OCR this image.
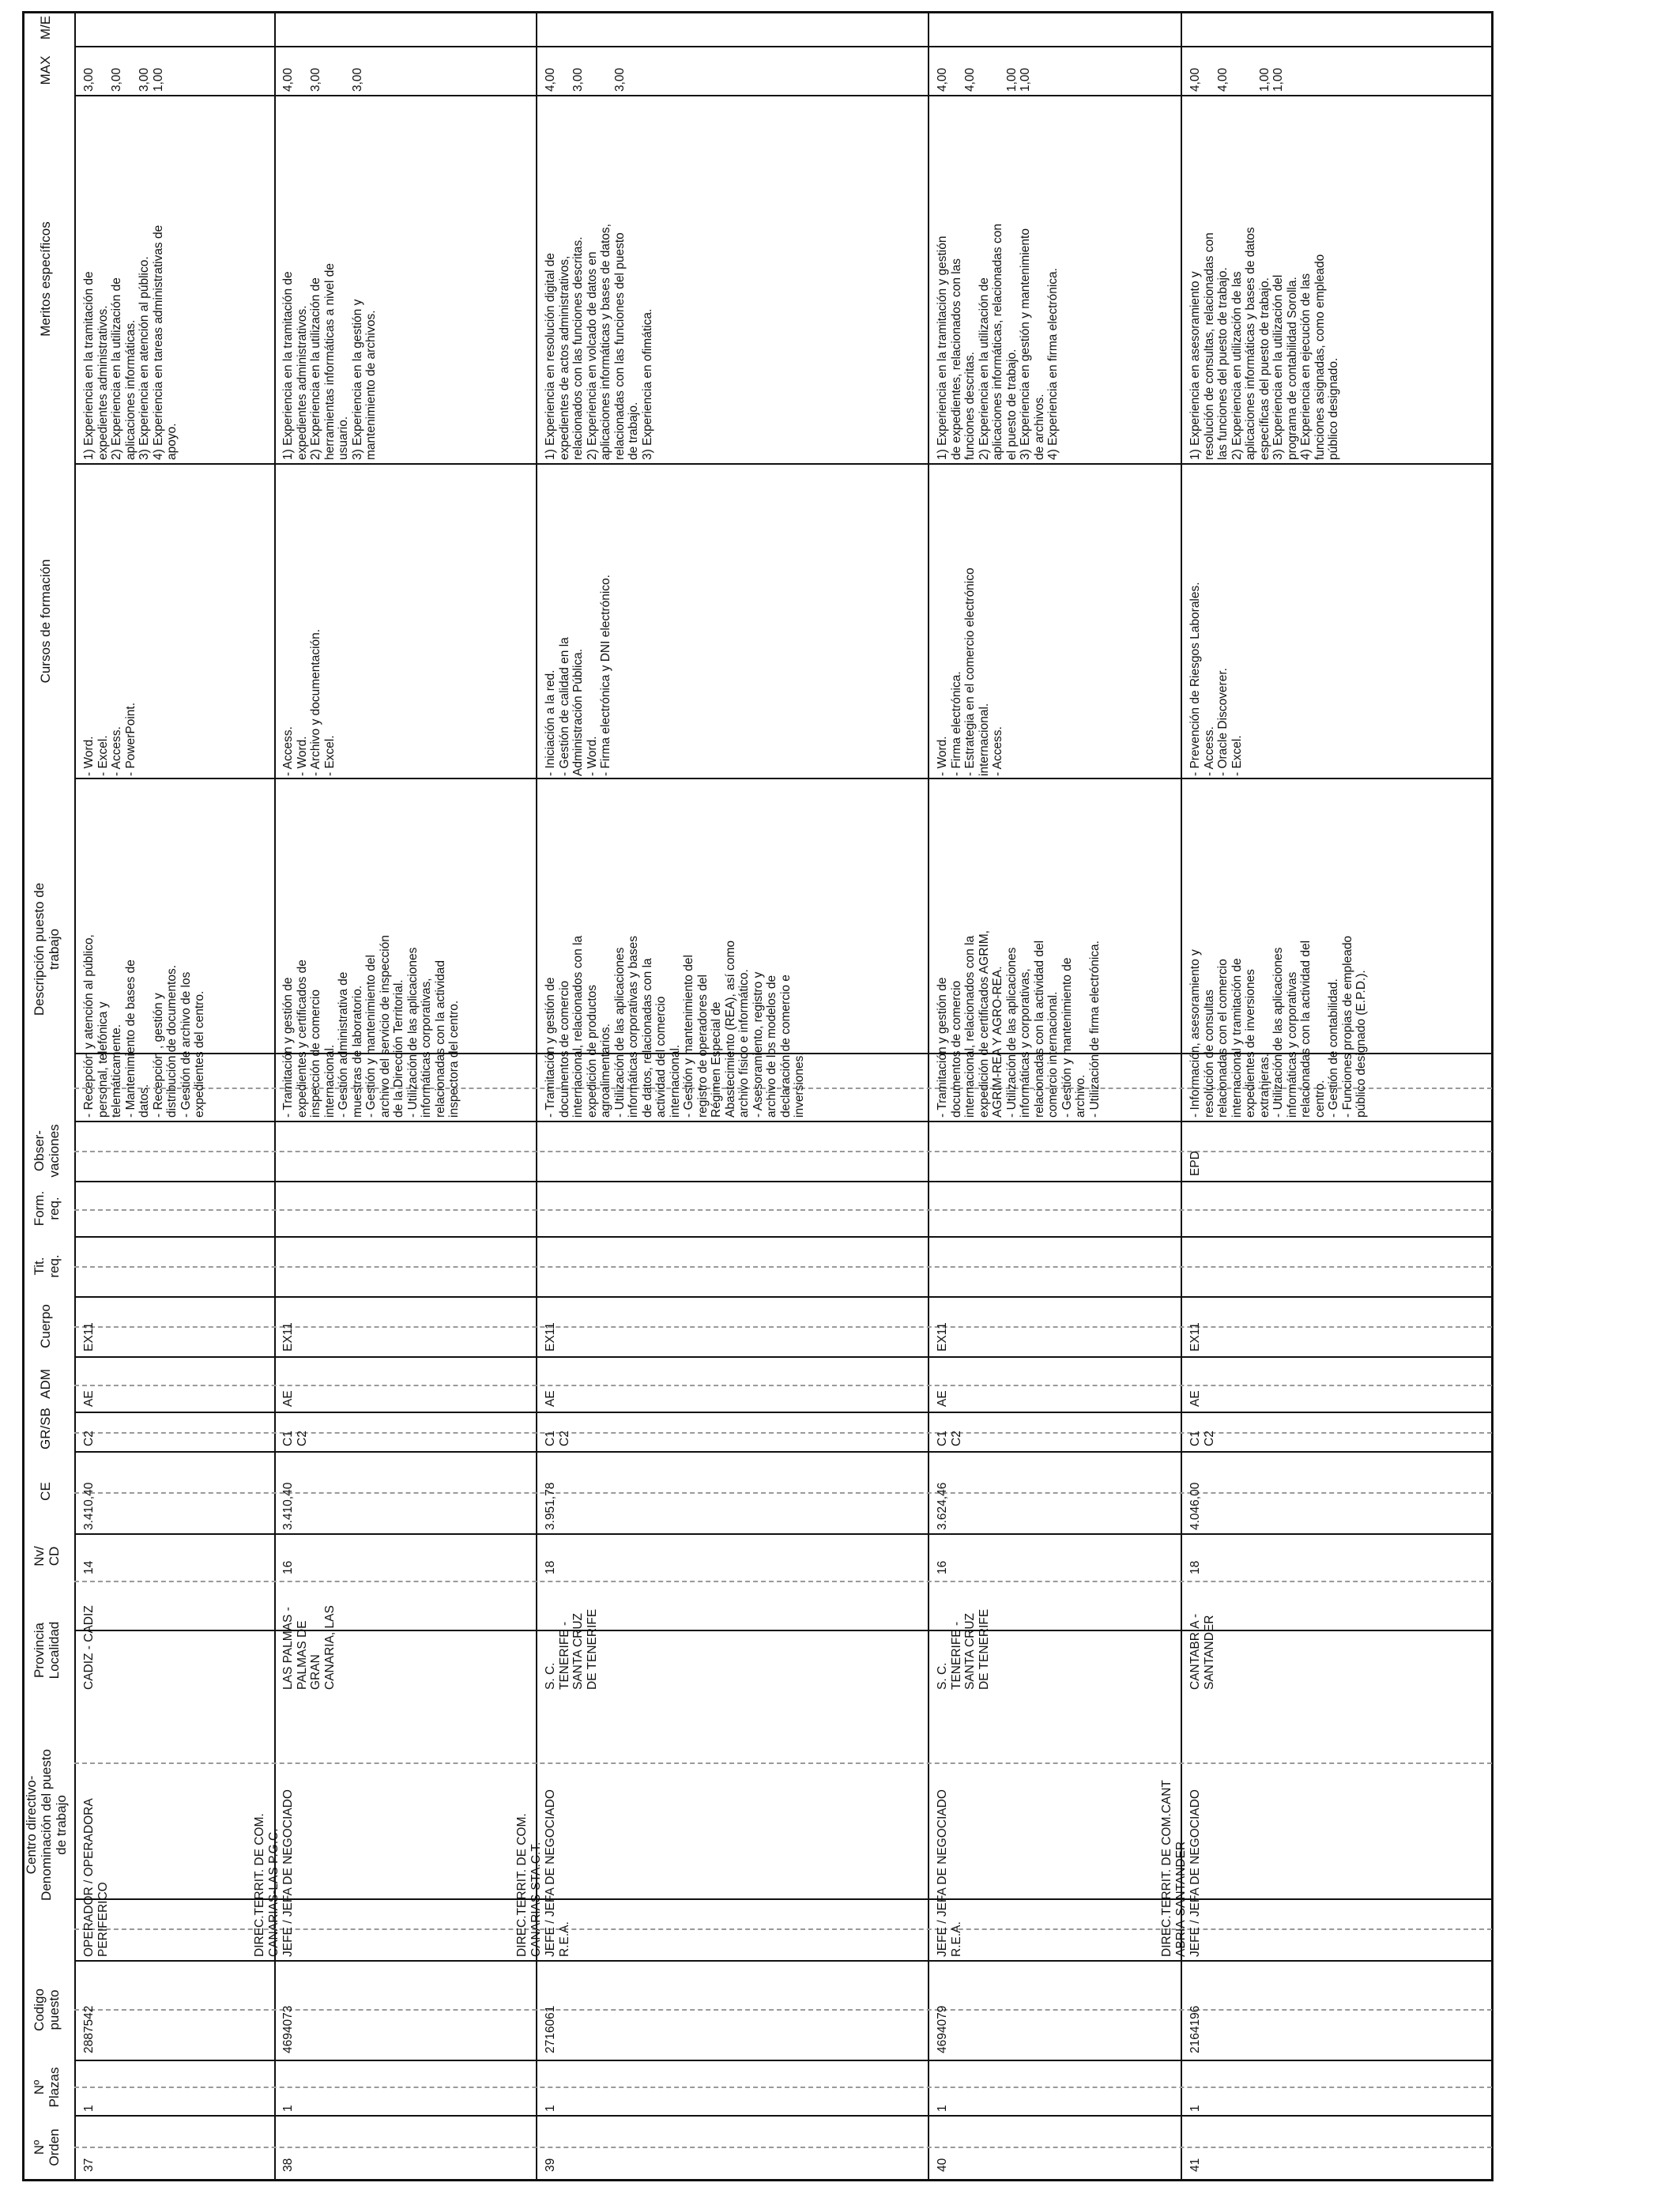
Nº
Orden
Nº
Plazas
Codigo
puesto
Centro directivo-
Denominación del puesto
de trabajo
Provincia
Localidad
Nv/
CD
CE
GR/SB
ADM
Cuerpo
Tit.
req.
Form.
req.
Obser-
vaciones
Descripción puesto de
trabajo
Cursos de formación
Meritos específicos
MAX
M/E
37
1
2887542
OPERADOR / OPERADORA
PERIFERICO
CADIZ - CADIZ
14
3.410,40
C2
AE
EX11
- Recepción y atención al público,
personal, telefónica y
telemáticamente.
- Mantenimiento de bases de
datos.
- Recepción , gestión y
distribución de documentos.
- Gestión de archivo de los
expedientes del centro.
- Word.
- Excel.
- Access.
- PowerPoint.
1) Experiencia en la tramitación de
expedientes administrativos.
2) Experiencia en la utilización de
aplicaciones informáticas.
3) Experiencia en atención al público.
4) Experiencia en tareas administrativas de
apoyo.
3,00

3,00

3,00
1,00
38
1
4694073
DIREC.TERRIT. DE COM.
CANARIAS-LAS P.G.C. JEFE / JEFA DE NEGOCIADO
LAS PALMAS -
PALMAS DE
GRAN
CANARIA, LAS
16
3.410,40
C1
C2
AE
EX11
- Tramitación y gestión de
expedientes y certificados de
inspección de comercio
internacional.
- Gestión administrativa de
muestras de laboratorio.
- Gestión y mantenimiento del
archivo del servicio de inspección
de la Dirección Territorial.
- Utilización de las aplicaciones
informáticas corporativas,
relacionadas con la actividad
inspectora del centro.
- Access.
- Word.
- Archivo y documentación.
- Excel.
1) Experiencia en la tramitación de
expedientes administrativos.
2) Experiencia en la utilización de
herramientas informáticas a nivel de
usuario.
3) Experiencia en la gestión y
mantenimiento de archivos.
4,00

3,00

3,00
39
1
2716061
DIREC.TERRIT. DE COM.
CANARIAS-STA.C.T. JEFE / JEFA DE NEGOCIADO
R.E.A.
S. C.
TENERIFE -
SANTA CRUZ
DE TENERIFE
18
3.951,78
C1
C2
AE
EX11
- Tramitación y gestión de
documentos de comercio
internacional, relacionados con la
expedición de productos
agroalimentarios.
- Utilización de las aplicaciones
informáticas corporativas y bases
de datos, relacionadas con la
actividad del comercio
internacional.
- Gestión y mantenimiento del
registro de operadores del
Régimen Especial de
Abastecimiento (REA), así como
archivo físico e informático.
- Asesoramiento, registro y
archivo de los modelos de
declaración de comercio e
inversiones.
- Iniciación a la red.
- Gestión de calidad en la
Administración Pública.
- Word.
- Firma electrónica y DNI electrónico.
1) Experiencia en resolución digital de
expedientes de actos administrativos,
relacionados con las funciones descritas.
2) Experiencia en volcado de datos en
aplicaciones informáticas y bases de datos,
relacionadas con las funciones del puesto
de trabajo.
3) Experiencia en ofimática.
4,00

3,00

3,00
40
1
4694079
JEFE / JEFA DE NEGOCIADO
R.E.A.
S. C.
TENERIFE -
SANTA CRUZ
DE TENERIFE
16
3.624,46
C1
C2
AE
EX11
- Tramitación y gestión de
documentos de comercio
internacional, relacionados con la
expedición de certificados AGRIM,
AGRIM-REA Y AGRO-REA.
- Utilización de las aplicaciones
informáticas y corporativas,
relacionadas con la actividad del
comercio internacional.
- Gestión y mantenimiento de
archivo.
- Utilización de firma electrónica.
- Word.
- Firma electrónica.
- Estrategia en el comercio electrónico
internacional.
- Access.
1) Experiencia en la tramitación y gestión
de expedientes, relacionados con las
funciones descritas.
2) Experiencia en la utilización de
aplicaciones informáticas, relacionadas con
el puesto de trabajo.
3) Experiencia en gestión y mantenimiento
de archivos.
4) Experiencia en firma electrónica.
4,00

4,00

1,00
1,00
41
1
2164196
DIREC.TERRIT. DE COM.CANT
ABRIA-SANTANDER JEFE / JEFA DE NEGOCIADO
CANTABRIA -
SANTANDER
18
4.046,00
C1
C2
AE
EX11
EPD
- Información, asesoramiento y
resolución de consultas
relacionadas con el comercio
internacional y tramitación de
expedientes de inversiones
extranjeras.
- Utilización de las aplicaciones
informáticas y corporativas
relacionadas con la actividad del
centro.
- Gestión de contabilidad.
- Funciones propias de empleado
público designado (E.P.D.).
- Prevención de Riesgos Laborales.
- Access.
- Oracle Discoverer.
- Excel.
1) Experiencia en asesoramiento y
resolución de consultas, relacionadas con
las funciones del puesto de trabajo.
2) Experiencia en utilización de las
aplicaciones informáticas y bases de datos
específicas del puesto de trabajo.
3) Experiencia en la utilización del
programa de contabilidad Sorolla.
4) Experiencia en ejecución de las
funciones asignadas, como empleado
público designado.
4,00

4,00

1,00
1,00
